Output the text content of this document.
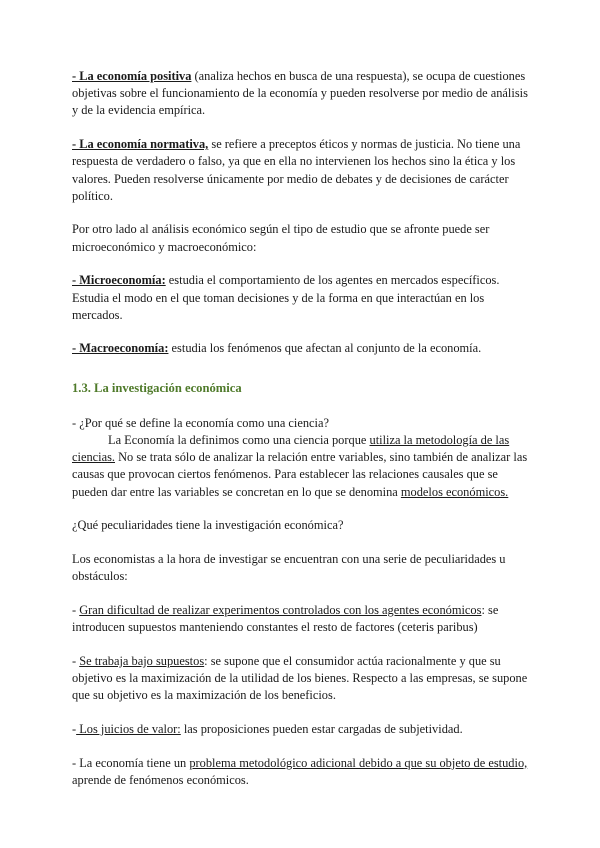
- La economía positiva (analiza hechos en busca de una respuesta), se ocupa de cuestiones objetivas sobre el funcionamiento de la economía y pueden resolverse por medio de análisis y de la evidencia empírica.

- La economía normativa, se refiere a preceptos éticos y normas de justicia. No tiene una respuesta de verdadero o falso, ya que en ella no intervienen los hechos sino la ética y los valores. Pueden resolverse únicamente por medio de debates y de decisiones de carácter político.

Por otro lado al análisis económico según el tipo de estudio que se afronte puede ser microeconómico y macroeconómico:

- Microeconomía: estudia el comportamiento de los agentes en mercados específicos. Estudia el modo en el que toman decisiones y de la forma en que interactúan en los mercados.

- Macroeconomía: estudia los fenómenos que afectan al conjunto de la economía.

1.3. La investigación económica

- ¿Por qué se define la economía como una ciencia?
La Economía la definimos como una ciencia porque utiliza la metodología de las ciencias. No se trata sólo de analizar la relación entre variables, sino también de analizar las causas que provocan ciertos fenómenos. Para establecer las relaciones causales que se pueden dar entre las variables se concretan en lo que se denomina modelos económicos.

¿Qué peculiaridades tiene la investigación económica?

Los economistas a la hora de investigar se encuentran con una serie de peculiaridades u obstáculos:

- Gran dificultad de realizar experimentos controlados con los agentes económicos: se introducen supuestos manteniendo constantes el resto de factores (ceteris paribus)

- Se trabaja bajo supuestos: se supone que el consumidor actúa racionalmente y que su objetivo es la maximización de la utilidad de los bienes. Respecto a las empresas, se supone que su objetivo es la maximización de los beneficios.

- Los juicios de valor: las proposiciones pueden estar cargadas de subjetividad.

- La economía tiene un problema metodológico adicional debido a que su objeto de estudio, aprende de fenómenos económicos.
